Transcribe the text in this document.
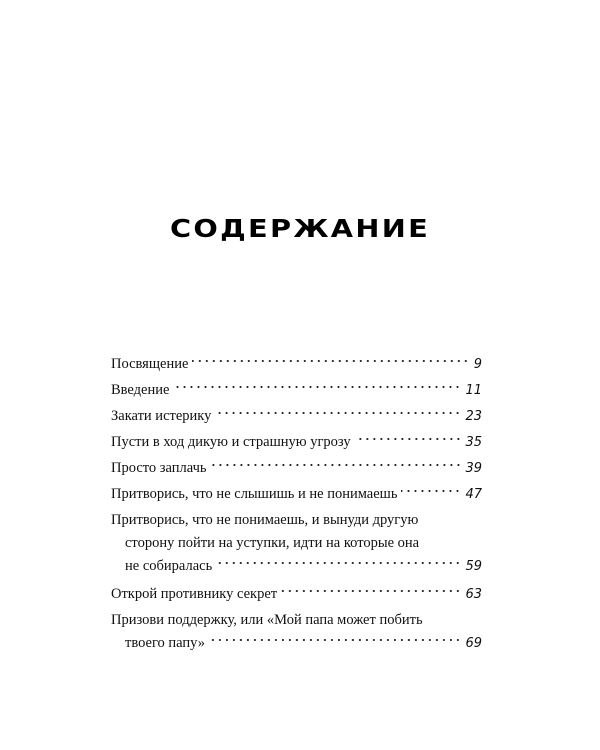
СОДЕРЖАНИЕ
Посвящение	9
Введение	11
Закати истерику	23
Пусти в ход дикую и страшную угрозу	35
Просто заплачь	39
Притворись, что не слышишь и не понимаешь	47
Притворись, что не понимаешь, и вынуди другую
сторону пойти на уступки, идти на которые она
не собиралась	59
Открой противнику секрет	63
Призови поддержку, или «Мой папа может побить
твоего папу»	69
